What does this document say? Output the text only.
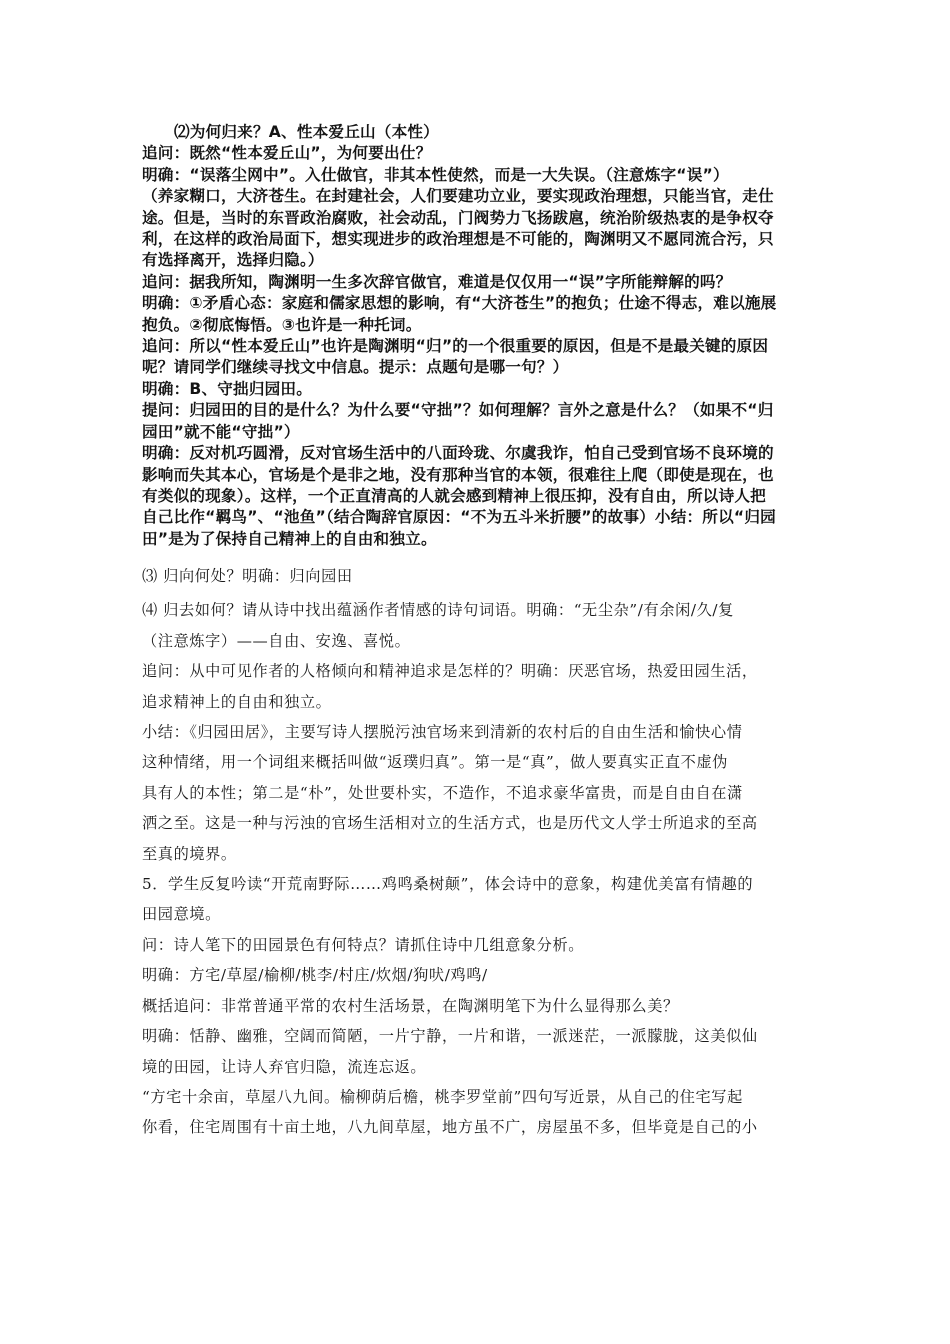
⑵为何归来？A、性本爱丘山（本性）

追问：既然“性本爱丘山”，为何要出仕？

明确：“误落尘网中”。入仕做官，非其本性使然，而是一大失误。（注意炼字“误”）

（养家糊口，大济苍生。在封建社会，人们要建功立业，要实现政治理想，只能当官，走仕

途。但是，当时的东晋政治腐败，社会动乱，门阀势力飞扬跋扈，统治阶级热衷的是争权夺

利，在这样的政治局面下，想实现进步的政治理想是不可能的，陶渊明又不愿同流合污，只

有选择离开，选择归隐。）

追问：据我所知，陶渊明一生多次辞官做官，难道是仅仅用一“误”字所能辩解的吗？

明确：①矛盾心态：家庭和儒家思想的影响，有“大济苍生”的抱负；仕途不得志，难以施展

抱负。②彻底悔悟。③也许是一种托词。

追问：所以“性本爱丘山”也许是陶渊明“归”的一个很重要的原因，但是不是最关键的原因

呢？请同学们继续寻找文中信息。提示：点题句是哪一句？）

明确：B、守拙归园田。

提问：归园田的目的是什么？为什么要“守拙”？如何理解？言外之意是什么？（如果不“归

园田”就不能“守拙”）

明确：反对机巧圆滑，反对官场生活中的八面玲珑、尔虞我诈，怕自己受到官场不良环境的

影响而失其本心，官场是个是非之地，没有那种当官的本领，很难往上爬（即使是现在，也

有类似的现象）。这样，一个正直清高的人就会感到精神上很压抑，没有自由，所以诗人把

自己比作“羁鸟”、“池鱼”（结合陶辞官原因：“不为五斗米折腰”的故事）小结：所以“归园

田”是为了保持自己精神上的自由和独立。

⑶ 归向何处？明确：归向园田

⑷ 归去如何？请从诗中找出蕴涵作者情感的诗句词语。明确：“无尘杂”/有余闲/久/复

（注意炼字）——自由、安逸、喜悦。

追问：从中可见作者的人格倾向和精神追求是怎样的？明确：厌恶官场，热爱田园生活，

追求精神上的自由和独立。

小结：《归园田居》，主要写诗人摆脱污浊官场来到清新的农村后的自由生活和愉快心情

这种情绪，用一个词组来概括叫做“返璞归真”。第一是“真”，做人要真实正直不虚伪

具有人的本性；第二是“朴”，处世要朴实，不造作，不追求豪华富贵，而是自由自在潇

洒之至。这是一种与污浊的官场生活相对立的生活方式，也是历代文人学士所追求的至高

至真的境界。

5．学生反复吟读“开荒南野际……鸡鸣桑树颠”，体会诗中的意象，构建优美富有情趣的

田园意境。

问：诗人笔下的田园景色有何特点？请抓住诗中几组意象分析。

明确：方宅/草屋/榆柳/桃李/村庄/炊烟/狗吠/鸡鸣/

概括追问：非常普通平常的农村生活场景，在陶渊明笔下为什么显得那么美？

明确：恬静、幽雅，空阔而简陋，一片宁静，一片和谐，一派迷茫，一派朦胧，这美似仙

境的田园，让诗人弃官归隐，流连忘返。

“方宅十余亩，草屋八九间。榆柳荫后檐，桃李罗堂前”四句写近景，从自己的住宅写起

你看，住宅周围有十亩土地，八九间草屋，地方虽不广，房屋虽不多，但毕竟是自己的小
